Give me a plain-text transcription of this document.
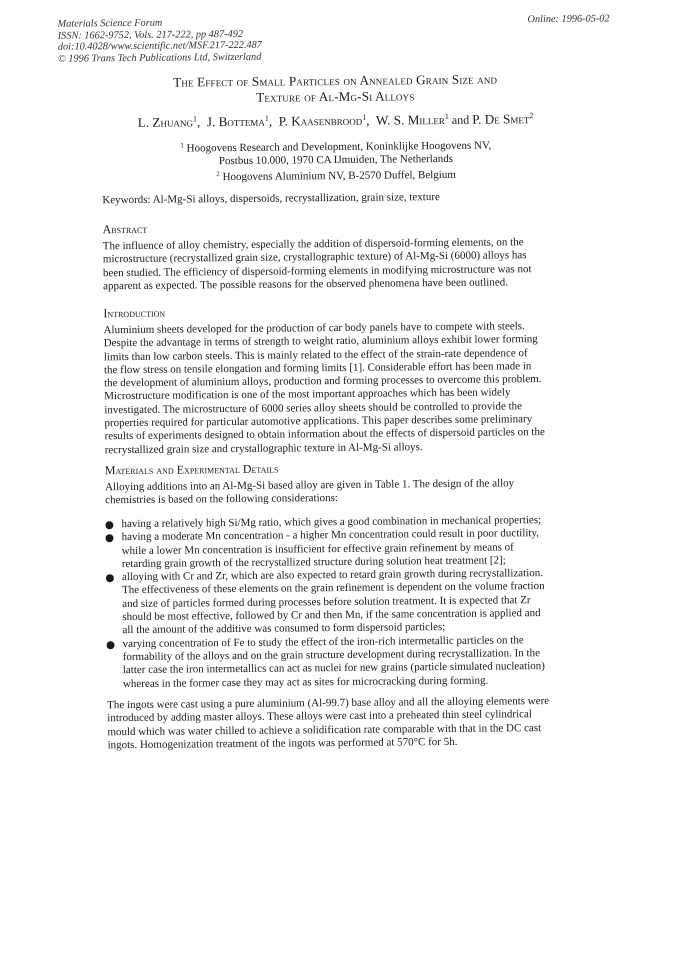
Materials Science Forum
ISSN: 1662-9752, Vols. 217-222, pp 487-492
doi:10.4028/www.scientific.net/MSF.217-222.487
© 1996 Trans Tech Publications Ltd, Switzerland
Online: 1996-05-02
The Effect of Small Particles on Annealed Grain Size and
Texture of Al-Mg-Si Alloys
L. Zhuang$^1$,  J. Bottema$^1$,  P. Kaasenbrood$^1$,  W. S. Miller$^1$ and P. De Smet$^2$
$^1$ Hoogovens Research and Development, Koninklijke Hoogovens NV,
Postbus 10.000, 1970 CA IJmuiden, The Netherlands
$^2$ Hoogovens Aluminium NV, B-2570 Duffel, Belgium
Keywords: Al-Mg-Si alloys, dispersoids, recrystallization, grain size, texture
Abstract
The influence of alloy chemistry, especially the addition of dispersoid-forming elements, on the
microstructure (recrystallized grain size, crystallographic texture) of Al-Mg-Si (6000) alloys has
been studied. The efficiency of dispersoid-forming elements in modifying microstructure was not
apparent as expected. The possible reasons for the observed phenomena have been outlined.
Introduction
Aluminium sheets developed for the production of car body panels have to compete with steels.
Despite the advantage in terms of strength to weight ratio, aluminium alloys exhibit lower forming
limits than low carbon steels. This is mainly related to the effect of the strain-rate dependence of
the flow stress on tensile elongation and forming limits [1]. Considerable effort has been made in
the development of aluminium alloys, production and forming processes to overcome this problem.
Microstructure modification is one of the most important approaches which has been widely
investigated. The microstructure of 6000 series alloy sheets should be controlled to provide the
properties required for particular automotive applications. This paper describes some preliminary
results of experiments designed to obtain information about the effects of dispersoid particles on the
recrystallized grain size and crystallographic texture in Al-Mg-Si alloys.
Materials and Experimental Details
Alloying additions into an Al-Mg-Si based alloy are given in Table 1. The design of the alloy
chemistries is based on the following considerations:
having a relatively high Si/Mg ratio, which gives a good combination in mechanical properties;
having a moderate Mn concentration - a higher Mn concentration could result in poor ductility,
while a lower Mn concentration is insufficient for effective grain refinement by means of
retarding grain growth of the recrystallized structure during solution heat treatment [2];
alloying with Cr and Zr, which are also expected to retard grain growth during recrystallization.
The effectiveness of these elements on the grain refinement is dependent on the volume fraction
and size of particles formed during processes before solution treatment. It is expected that Zr
should be most effective, followed by Cr and then Mn, if the same concentration is applied and
all the amount of the additive was consumed to form dispersoid particles;
varying concentration of Fe to study the effect of the iron-rich intermetallic particles on the
formability of the alloys and on the grain structure development during recrystallization. In the
latter case the iron intermetallics can act as nuclei for new grains (particle simulated nucleation)
whereas in the former case they may act as sites for microcracking during forming.
The ingots were cast using a pure aluminium (Al-99.7) base alloy and all the alloying elements were
introduced by adding master alloys. These alloys were cast into a preheated thin steel cylindrical
mould which was water chilled to achieve a solidification rate comparable with that in the DC cast
ingots. Homogenization treatment of the ingots was performed at 570°C for 5h.
